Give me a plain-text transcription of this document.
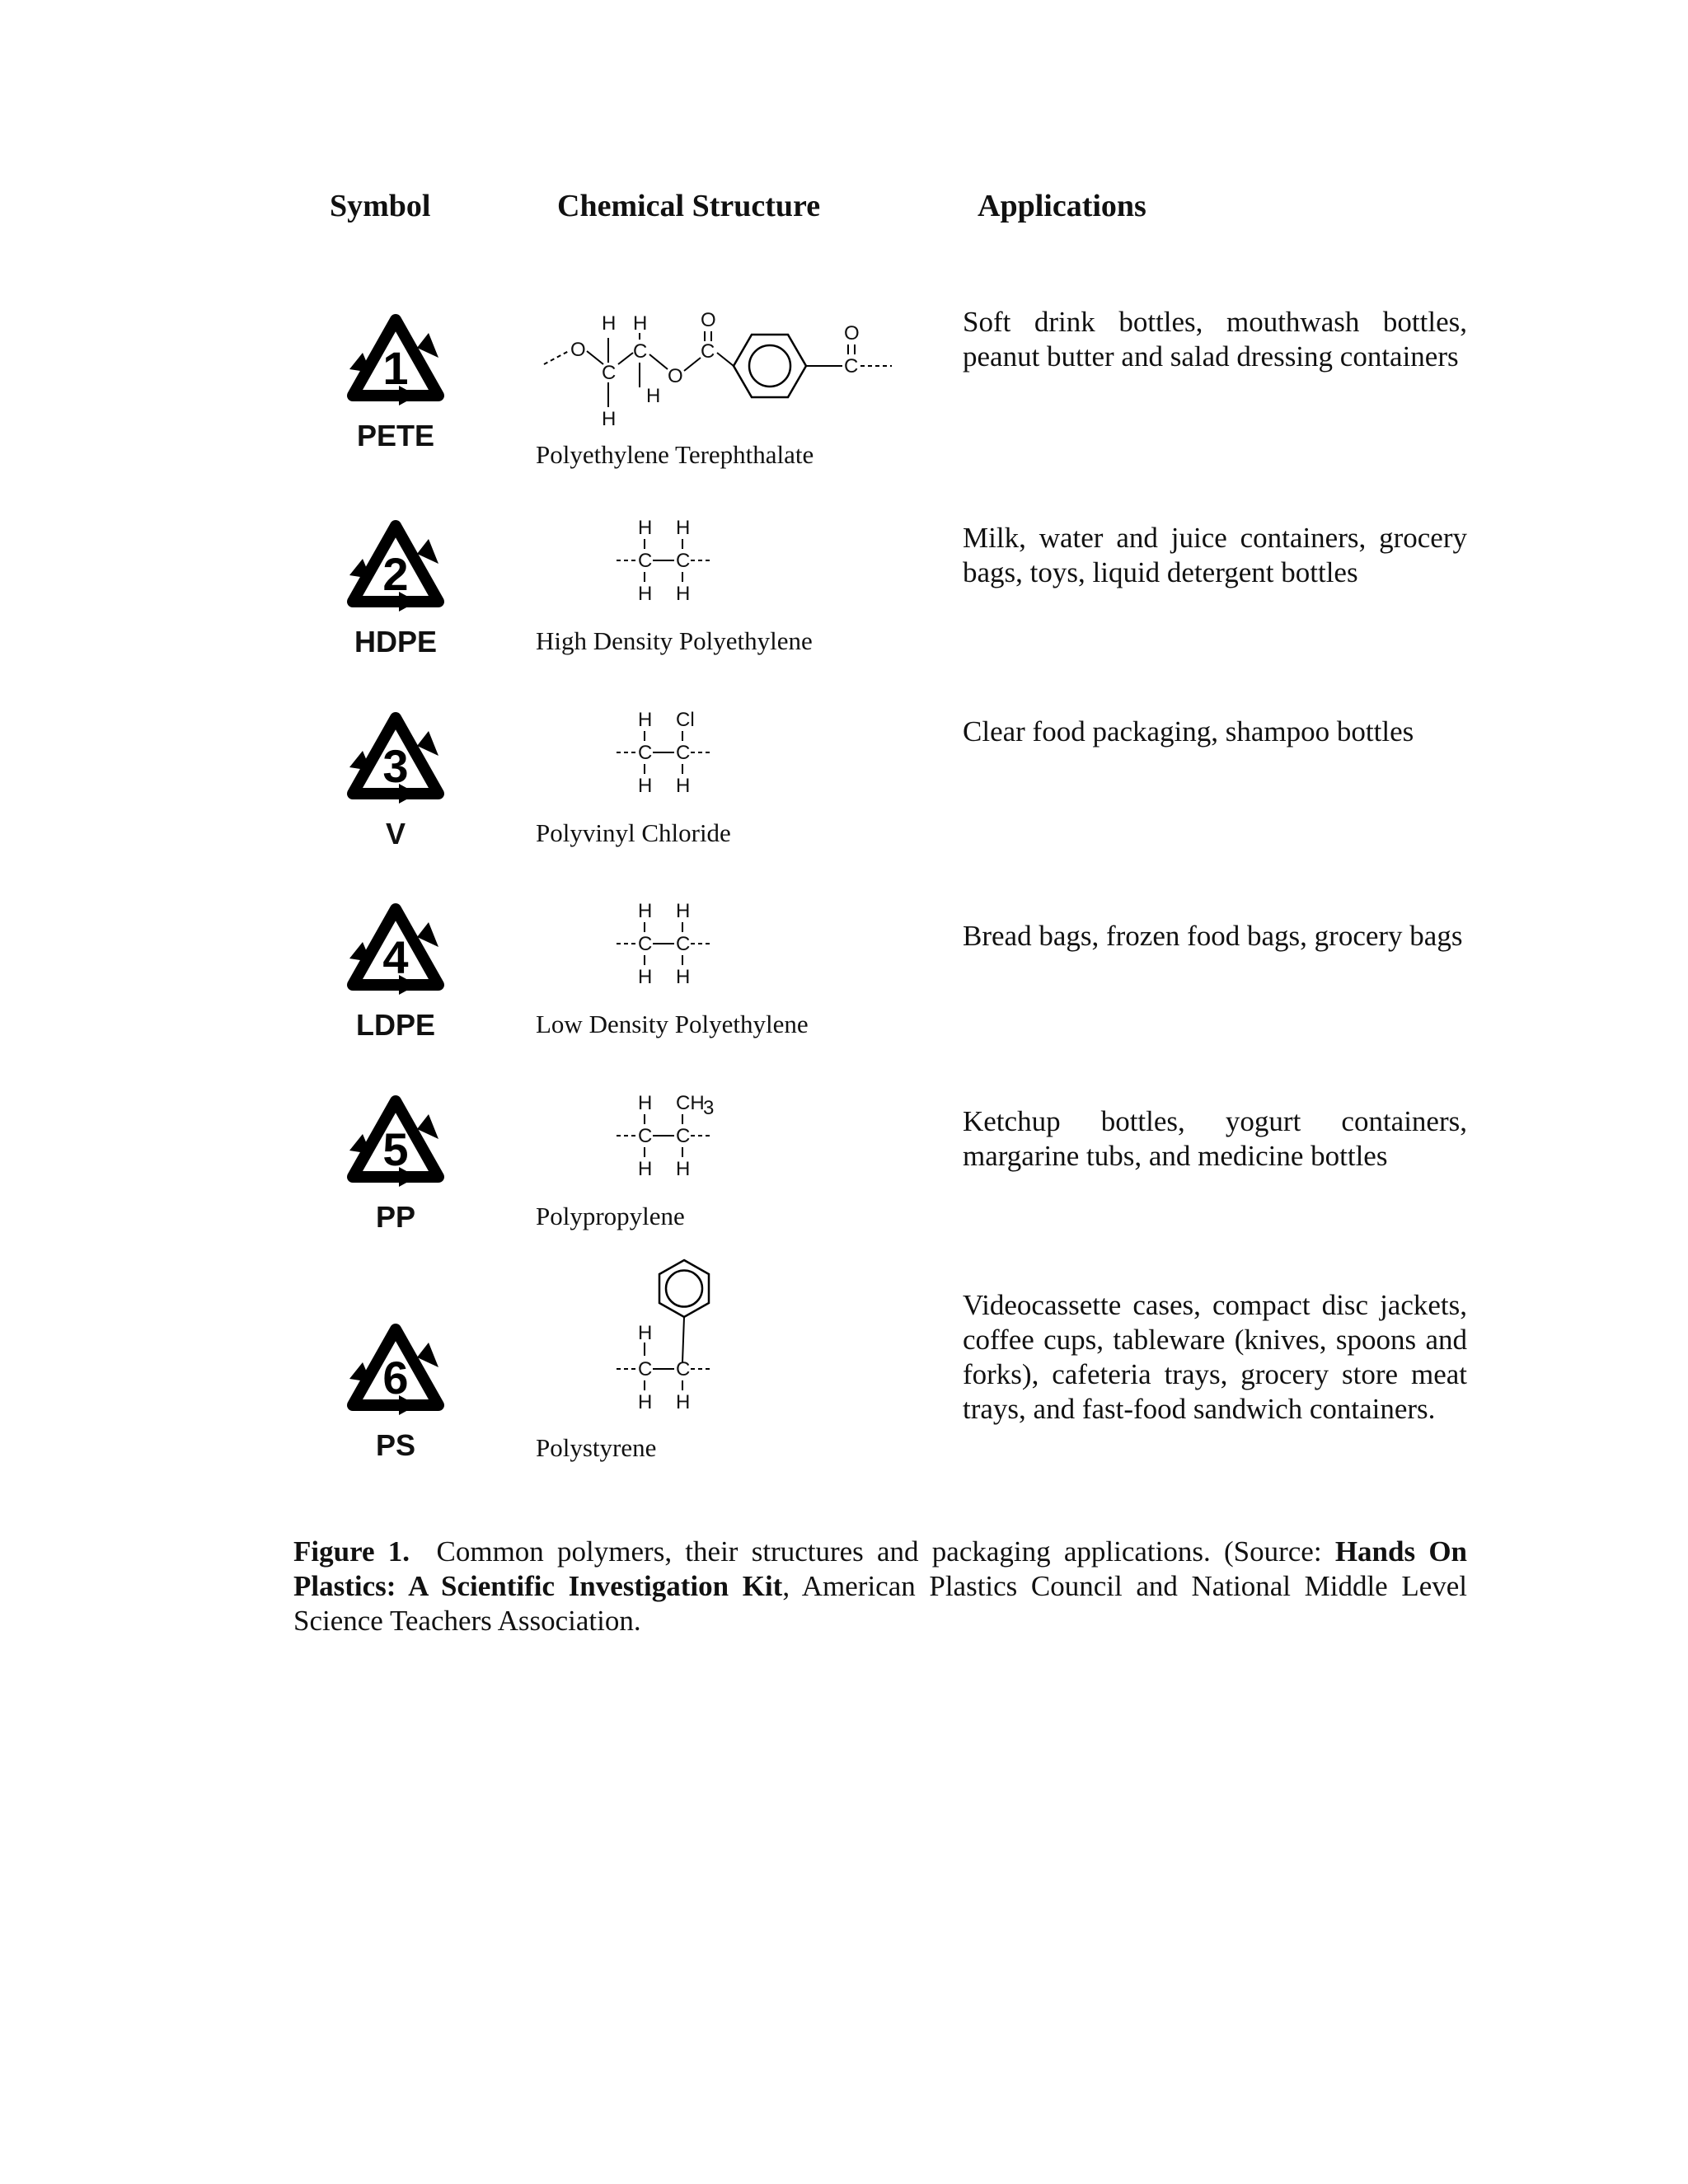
Symbol	Chemical Structure	Applications
1
PETE
O
C
H
H
C
H
H
O
C
O
C
O
Polyethylene Terephthalate
Soft drink bottles, mouthwash bottles, peanut butter and salad dressing containers
2
HDPE
H H
C C
H H
High Density Polyethylene
Milk, water and juice containers, grocery bags, toys, liquid detergent bottles
3
V
H Cl
C C
H H
Polyvinyl Chloride
Clear food packaging, shampoo bottles
4
LDPE
H H
C C
H H
Low Density Polyethylene
Bread bags, frozen food bags, grocery bags
5
PP
H CH
3
C C
H H
Polypropylene
Ketchup bottles, yogurt containers, margarine tubs, and medicine bottles
6
PS
H
C C
H H
Polystyrene
Videocassette cases, compact disc jackets, coffee cups, tableware (knives, spoons and forks), cafeteria trays, grocery store meat trays, and fast-food sandwich containers.
Figure 1. Common polymers, their structures and packaging applications. (Source: Hands On Plastics: A Scientific Investigation Kit, American Plastics Council and National Middle Level Science Teachers Association.
